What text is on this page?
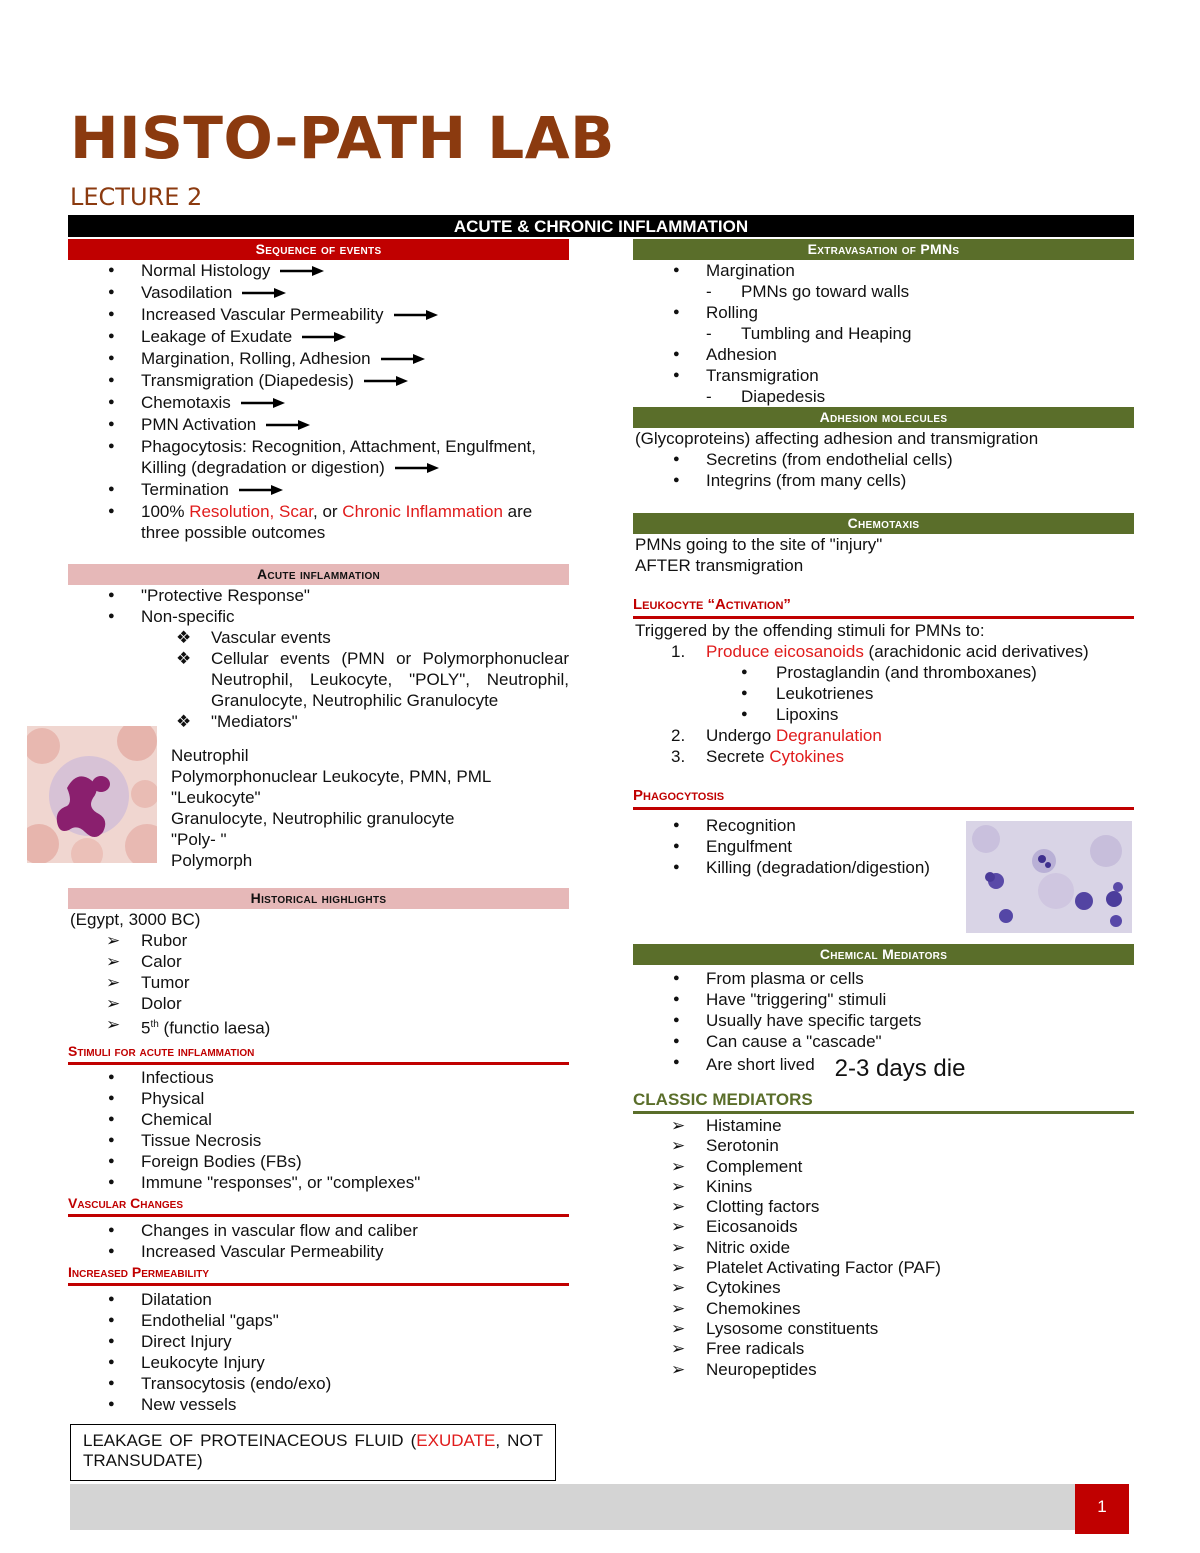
HISTO-PATH LAB
LECTURE 2
ACUTE & CHRONIC INFLAMMATION
Sequence of events
● Normal Histology
● Vasodilation
● Increased Vascular Permeability
● Leakage of Exudate
● Margination, Rolling, Adhesion
● Transmigration (Diapedesis)
● Chemotaxis
● PMN Activation
● Phagocytosis: Recognition, Attachment, Engulfment,
Killing (degradation or digestion)
● Termination
● 100% Resolution, Scar, or Chronic Inflammation are
three possible outcomes
Acute inflammation
● "Protective Response"
● Non-specific
❖ Vascular events
❖ Cellular events (PMN or Polymorphonuclear Neutrophil, Leukocyte, "POLY", Neutrophil, Granulocyte, Neutrophilic Granulocyte
❖ "Mediators"
Neutrophil
Polymorphonuclear Leukocyte, PMN, PML
"Leukocyte"
Granulocyte, Neutrophilic granulocyte
"Poly- "
Polymorph
Historical highlights
(Egypt, 3000 BC)
➢ Rubor
➢ Calor
➢ Tumor
➢ Dolor
➢ 5th (functio laesa)
Stimuli for acute inflammation
● Infectious
● Physical
● Chemical
● Tissue Necrosis
● Foreign Bodies (FBs)
● Immune "responses", or "complexes"
Vascular Changes
● Changes in vascular flow and caliber
● Increased Vascular Permeability
Increased Permeability
● Dilatation
● Endothelial "gaps"
● Direct Injury
● Leukocyte Injury
● Transocytosis (endo/exo)
● New vessels
LEAKAGE OF PROTEINACEOUS FLUID (EXUDATE, NOT TRANSUDATE)
Extravasation of PMNs
● Margination
- PMNs go toward walls
● Rolling
- Tumbling and Heaping
● Adhesion
● Transmigration
- Diapedesis
Adhesion molecules
(Glycoproteins) affecting adhesion and transmigration
● Secretins (from endothelial cells)
● Integrins (from many cells)
Chemotaxis
PMNs going to the site of "injury"
AFTER transmigration
Leukocyte “Activation”
Triggered by the offending stimuli for PMNs to:
1. Produce eicosanoids (arachidonic acid derivatives)
● Prostaglandin (and thromboxanes)
● Leukotrienes
● Lipoxins
2. Undergo Degranulation
3. Secrete Cytokines
Phagocytosis
● Recognition
● Engulfment
● Killing (degradation/digestion)
Chemical Mediators
● From plasma or cells
● Have "triggering" stimuli
● Usually have specific targets
● Can cause a "cascade"
● Are short lived 2-3 days die
CLASSIC MEDIATORS
➢ Histamine
➢ Serotonin
➢ Complement
➢ Kinins
➢ Clotting factors
➢ Eicosanoids
➢ Nitric oxide
➢ Platelet Activating Factor (PAF)
➢ Cytokines
➢ Chemokines
➢ Lysosome constituents
➢ Free radicals
➢ Neuropeptides
1
